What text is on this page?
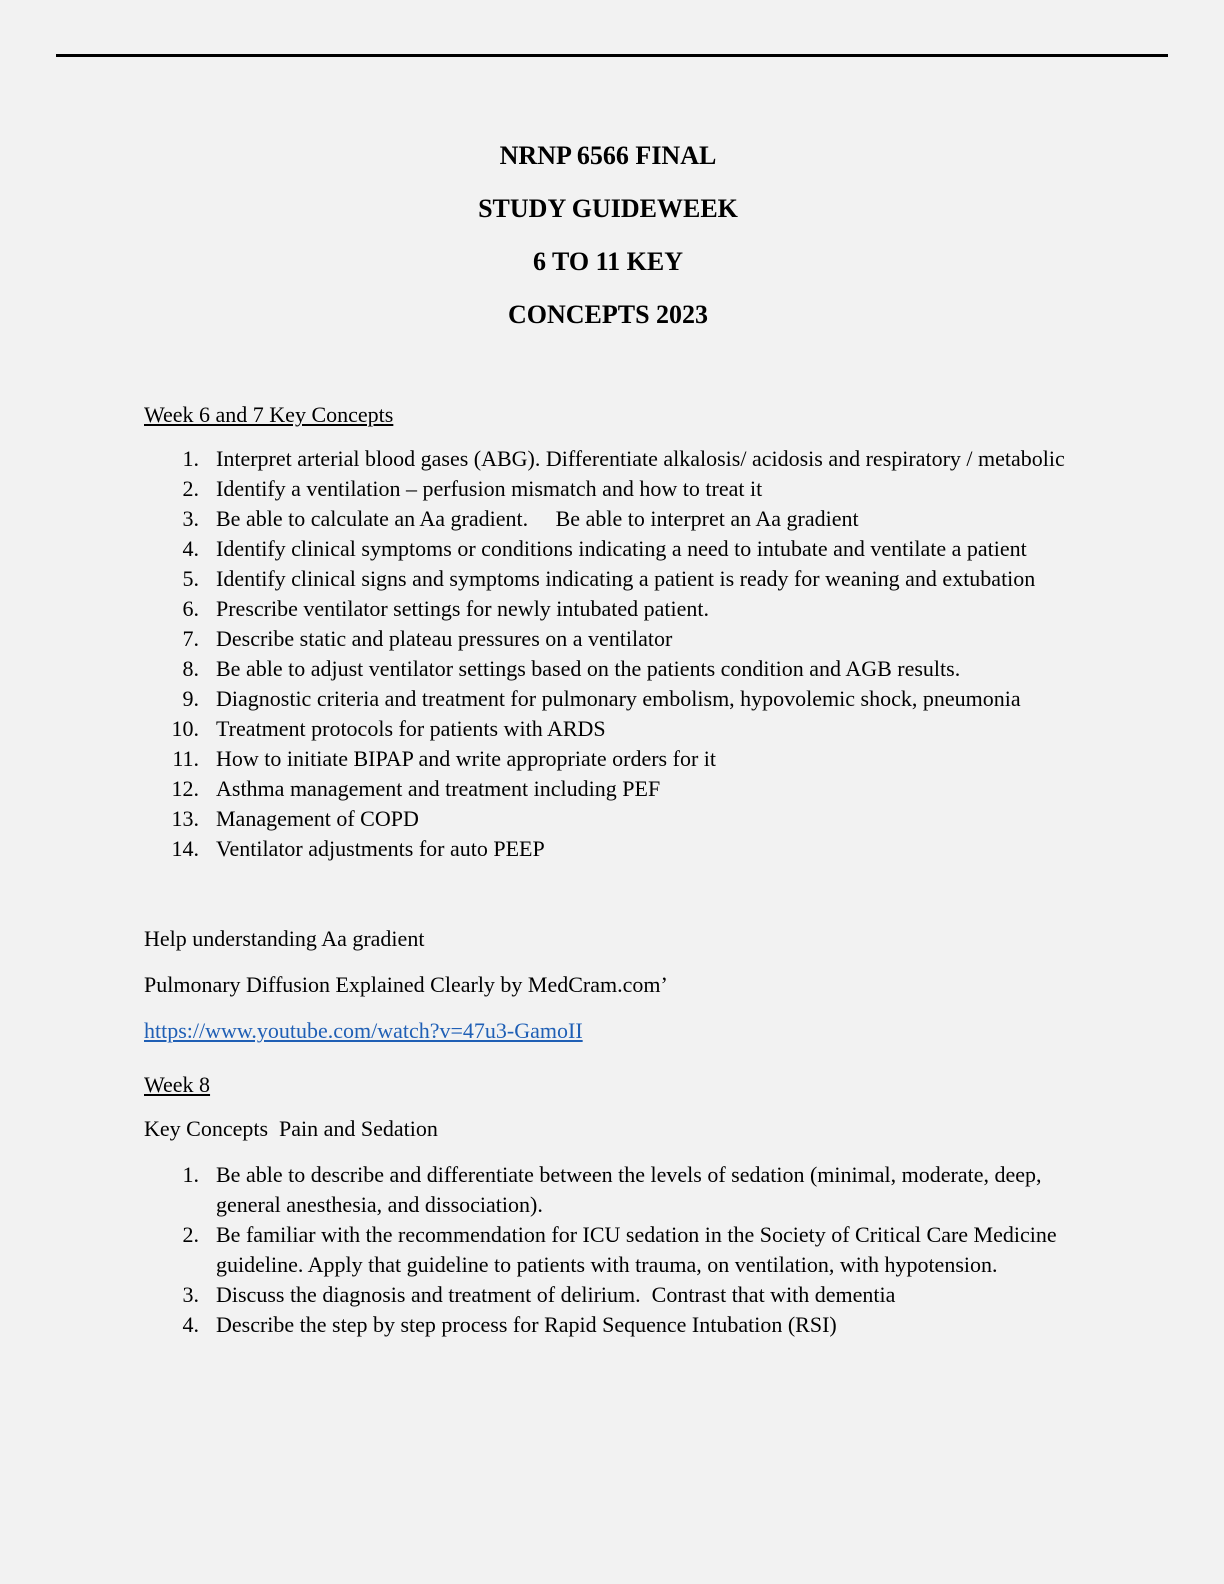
NRNP 6566 FINAL

STUDY GUIDEWEEK

6 TO 11 KEY

CONCEPTS 2023

Week 6 and 7 Key Concepts

1. Interpret arterial blood gases (ABG). Differentiate alkalosis/ acidosis and respiratory / metabolic
2. Identify a ventilation – perfusion mismatch and how to treat it
3. Be able to calculate an Aa gradient.     Be able to interpret an Aa gradient
4. Identify clinical symptoms or conditions indicating a need to intubate and ventilate a patient
5. Identify clinical signs and symptoms indicating a patient is ready for weaning and extubation
6. Prescribe ventilator settings for newly intubated patient.
7. Describe static and plateau pressures on a ventilator
8. Be able to adjust ventilator settings based on the patients condition and AGB results.
9. Diagnostic criteria and treatment for pulmonary embolism, hypovolemic shock, pneumonia
10. Treatment protocols for patients with ARDS
11. How to initiate BIPAP and write appropriate orders for it
12. Asthma management and treatment including PEF
13. Management of COPD
14. Ventilator adjustments for auto PEEP

Help understanding Aa gradient

Pulmonary Diffusion Explained Clearly by MedCram.com’

https://www.youtube.com/watch?v=47u3-GamoII

Week 8

Key Concepts  Pain and Sedation

1. Be able to describe and differentiate between the levels of sedation (minimal, moderate, deep, general anesthesia, and dissociation).
2. Be familiar with the recommendation for ICU sedation in the Society of Critical Care Medicine guideline. Apply that guideline to patients with trauma, on ventilation, with hypotension.
3. Discuss the diagnosis and treatment of delirium.  Contrast that with dementia
4. Describe the step by step process for Rapid Sequence Intubation (RSI)
